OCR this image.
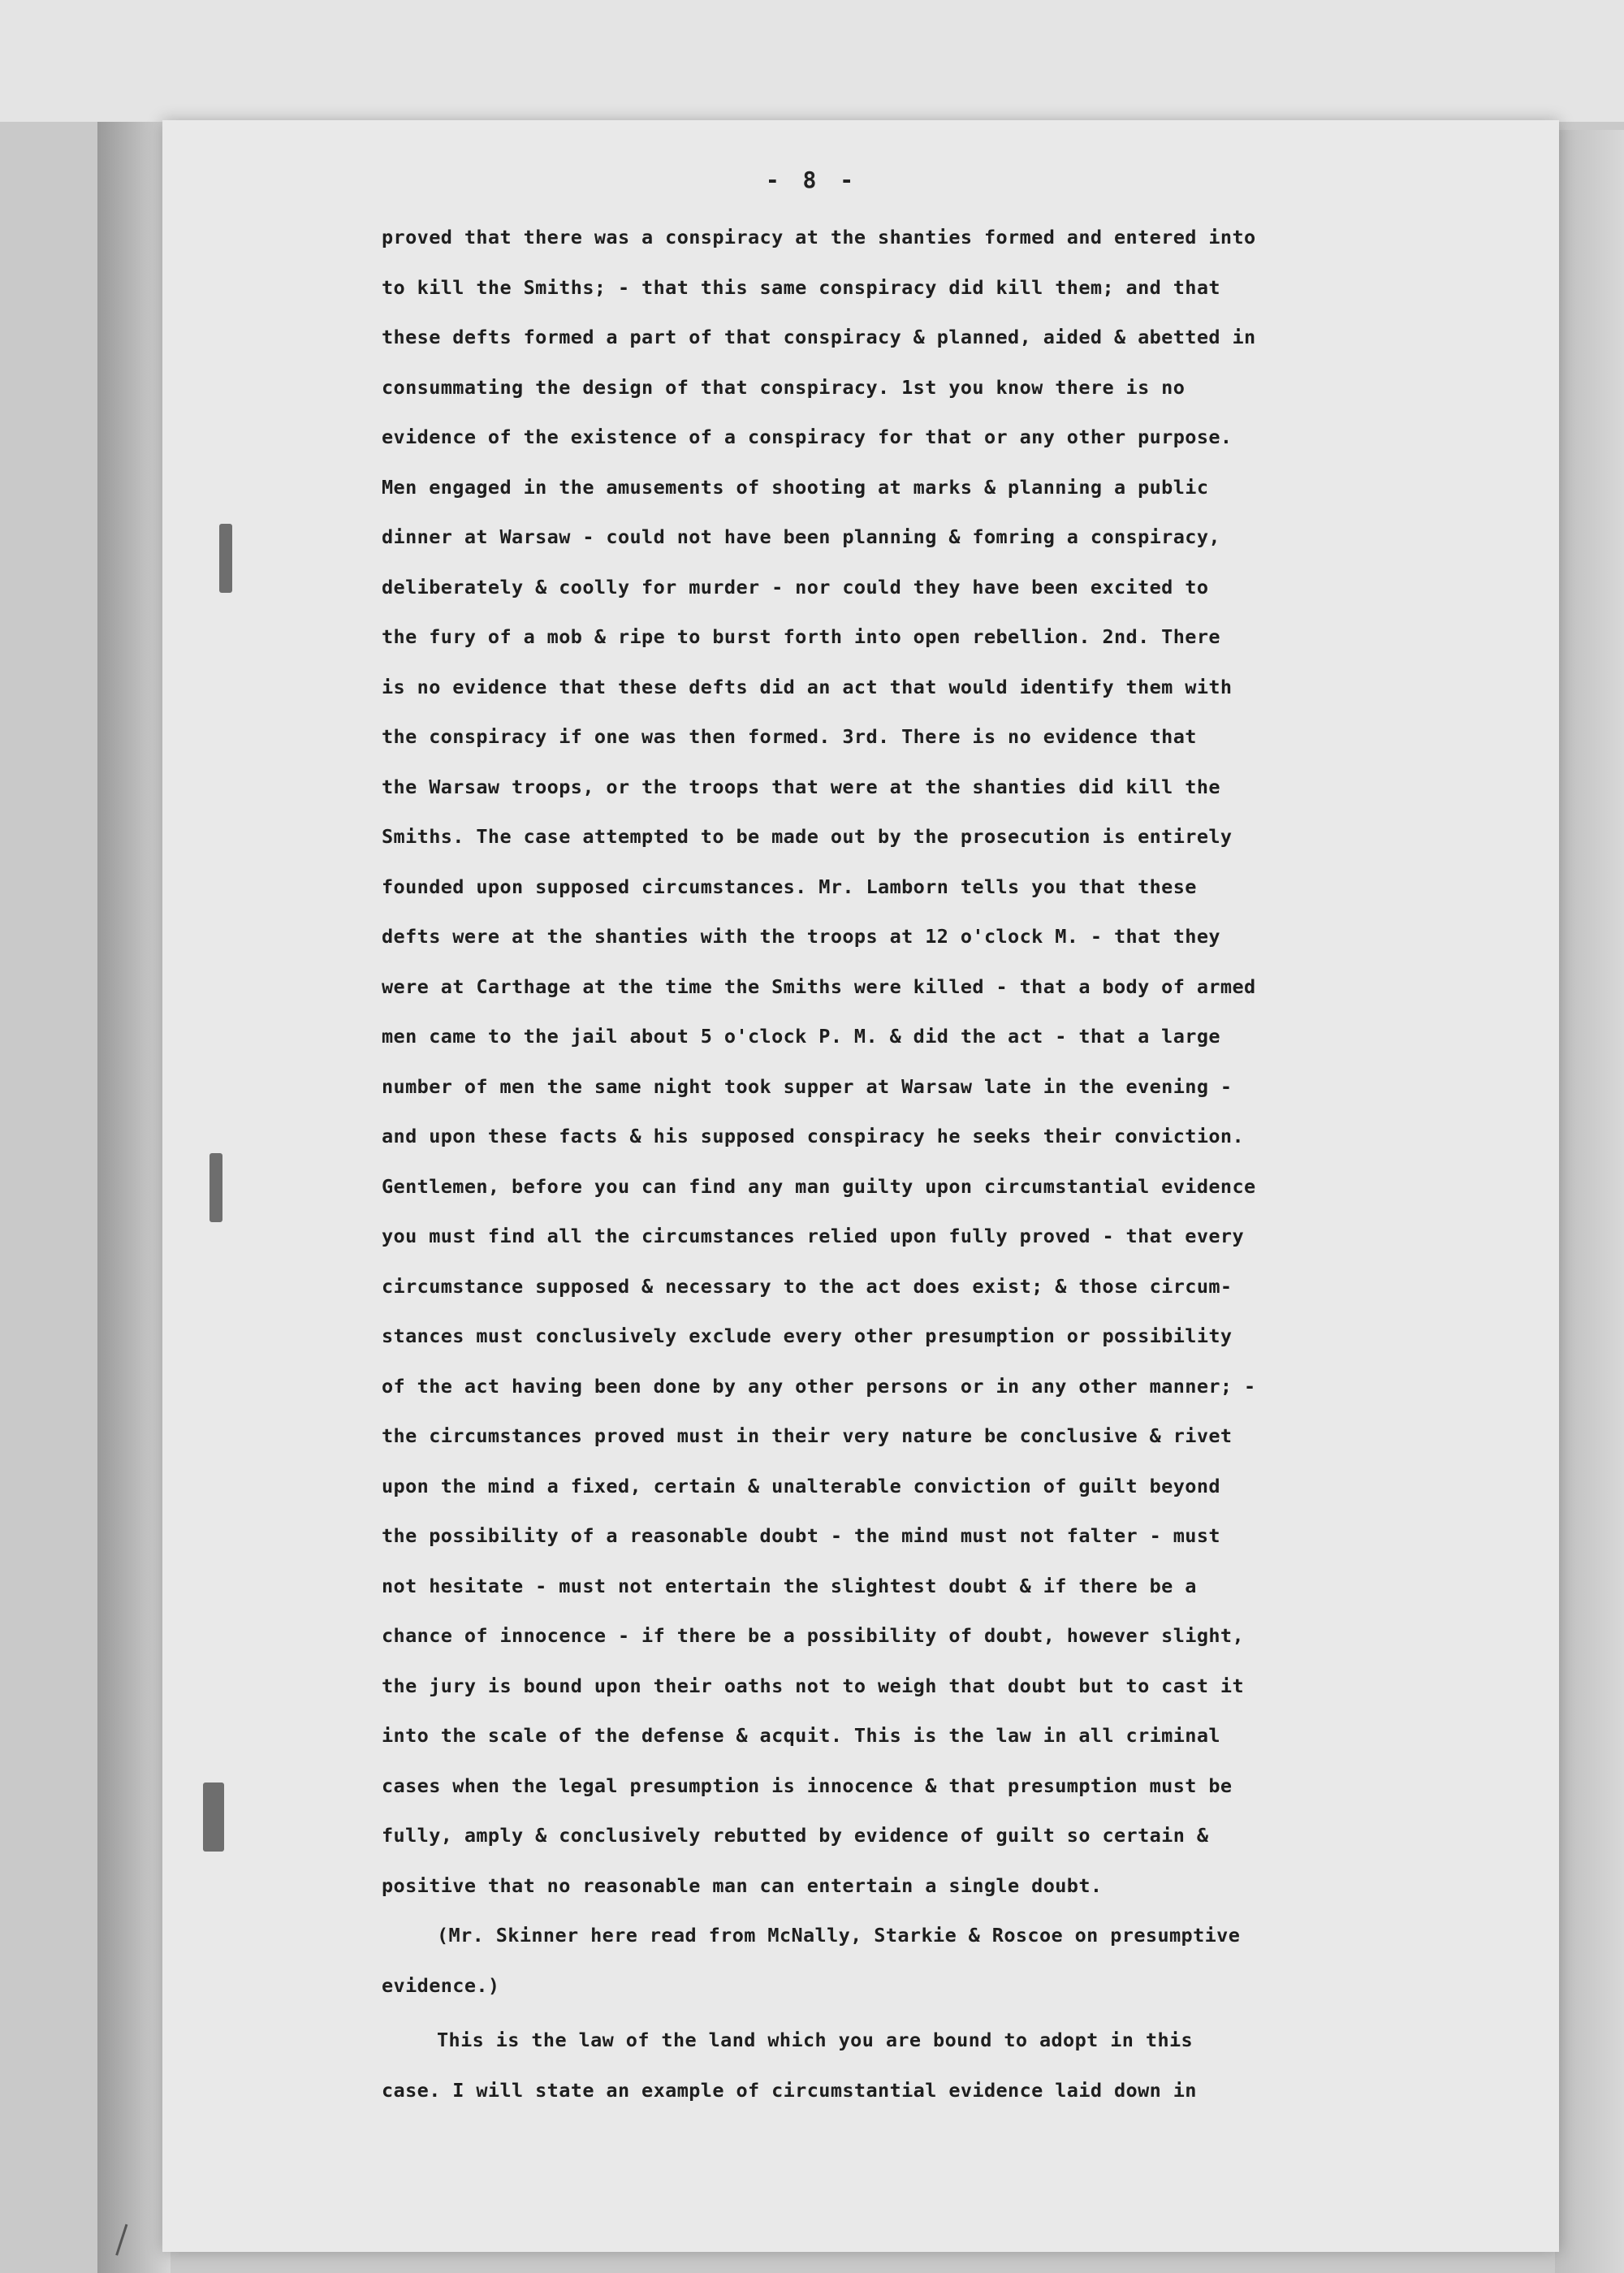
- 8 -
proved that there was a conspiracy at the shanties formed and entered into
to kill the Smiths; - that this same conspiracy did kill them; and that
these defts formed a part of that conspiracy & planned, aided & abetted in
consummating the design of that conspiracy. 1st you know there is no
evidence of the existence of a conspiracy for that or any other purpose.
Men engaged in the amusements of shooting at marks & planning a public
dinner at Warsaw - could not have been planning & fomring a conspiracy,
deliberately & coolly for murder - nor could they have been excited to
the fury of a mob & ripe to burst forth into open rebellion. 2nd. There
is no evidence that these defts did an act that would identify them with
the conspiracy if one was then formed. 3rd. There is no evidence that
the Warsaw troops, or the troops that were at the shanties did kill the
Smiths. The case attempted to be made out by the prosecution is entirely
founded upon supposed circumstances. Mr. Lamborn tells you that these
defts were at the shanties with the troops at 12 o'clock M. - that they
were at Carthage at the time the Smiths were killed - that a body of armed
men came to the jail about 5 o'clock P. M. & did the act - that a large
number of men the same night took supper at Warsaw late in the evening -
and upon these facts & his supposed conspiracy he seeks their conviction.
Gentlemen, before you can find any man guilty upon circumstantial evidence
you must find all the circumstances relied upon fully proved - that every
circumstance supposed & necessary to the act does exist; & those circum-
stances must conclusively exclude every other presumption or possibility
of the act having been done by any other persons or in any other manner; -
the circumstances proved must in their very nature be conclusive & rivet
upon the mind a fixed, certain & unalterable conviction of guilt beyond
the possibility of a reasonable doubt - the mind must not falter - must
not hesitate - must not entertain the slightest doubt & if there be a
chance of innocence - if there be a possibility of doubt, however slight,
the jury is bound upon their oaths not to weigh that doubt but to cast it
into the scale of the defense & acquit. This is the law in all criminal
cases when the legal presumption is innocence & that presumption must be
fully, amply & conclusively rebutted by evidence of guilt so certain &
positive that no reasonable man can entertain a single doubt.
(Mr. Skinner here read from McNally, Starkie & Roscoe on presumptive
evidence.)
This is the law of the land which you are bound to adopt in this
case. I will state an example of circumstantial evidence laid down in
